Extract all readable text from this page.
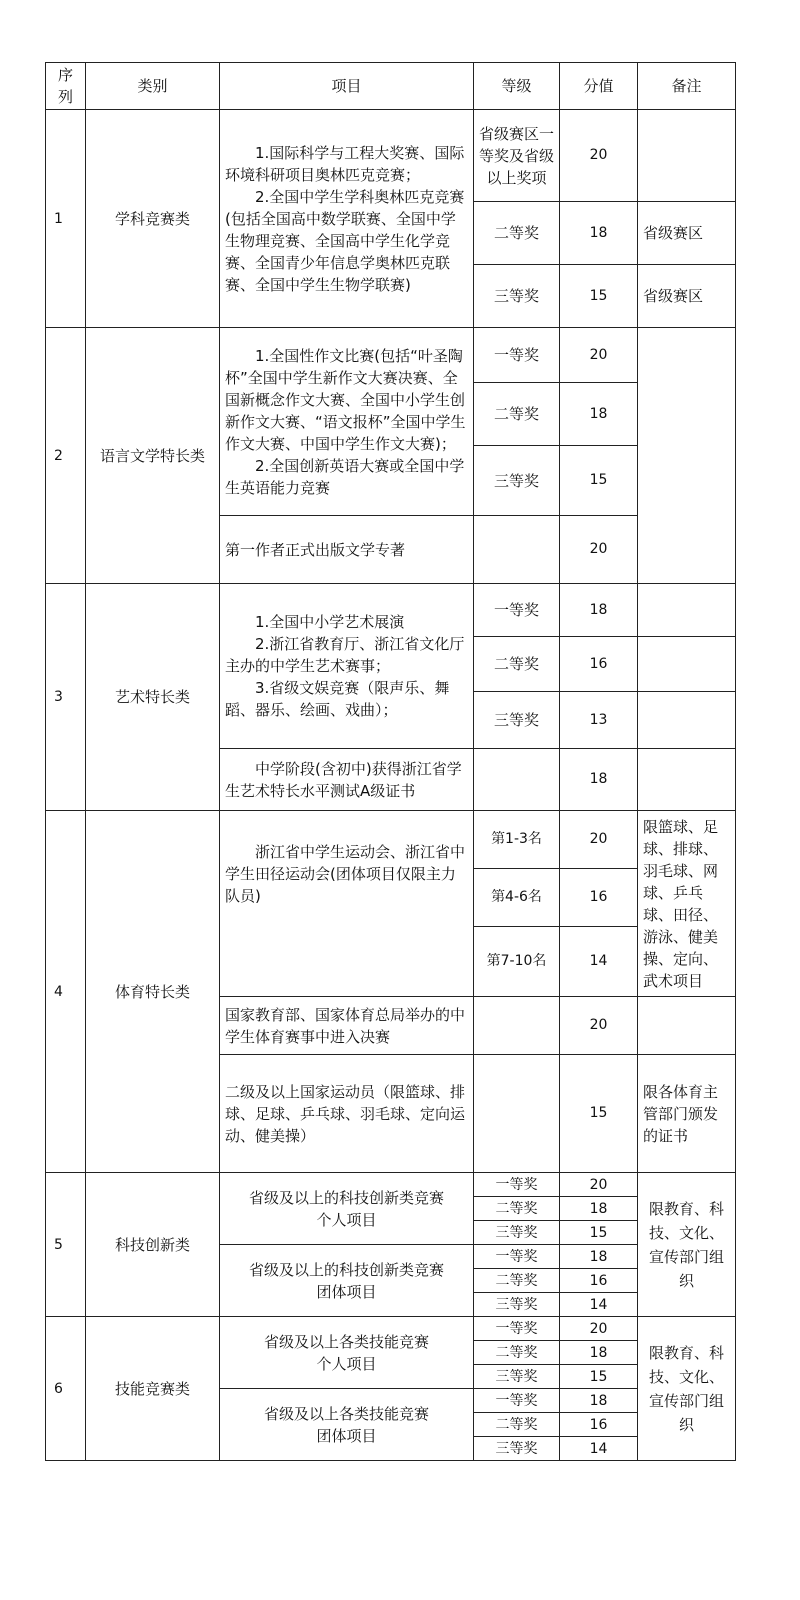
序列	类别	项目	等级	分值	备注
1	学科竞赛类	1.国际科学与工程大奖赛、国际环境科研项目奥林匹克竞赛；

2.全国中学生学科奥林匹克竞赛(包括全国高中数学联赛、全国中学生物理竞赛、全国高中学生化学竞赛、全国青少年信息学奥林匹克联赛、全国中学生生物学联赛)	省级赛区一等奖及省级以上奖项	20	
			二等奖	18	省级赛区
			三等奖	15	省级赛区
2	语言文学特长类	1.全国性作文比赛(包括“叶圣陶杯”全国中学生新作文大赛决赛、全国新概念作文大赛、全国中小学生创新作文大赛、“语文报杯”全国中学生作文大赛、中国中学生作文大赛)；

2.全国创新英语大赛或全国中学生英语能力竞赛	一等奖	20	
			二等奖	18	
			三等奖	15	
		第一作者正式出版文学专著		20	
3	艺术特长类	1.全国中小学艺术展演

2.浙江省教育厅、浙江省文化厅主办的中学生艺术赛事；

3.省级文娱竞赛（限声乐、舞蹈、器乐、绘画、戏曲）；	一等奖	18	
			二等奖	16	
			三等奖	13	
		中学阶段(含初中)获得浙江省学生艺术特长水平测试A级证书		18	
4	体育特长类	浙江省中学生运动会、浙江省中学生田径运动会(团体项目仅限主力队员)	第1-3名	20	限篮球、足球、排球、羽毛球、网球、乒乓球、田径、游泳、健美操、定向、武术项目
			第4-6名	16	
			第7-10名	14	
		国家教育部、国家体育总局举办的中学生体育赛事中进入决赛		20	
		二级及以上国家运动员（限篮球、排球、足球、乒乓球、羽毛球、定向运动、健美操）		15	限各体育主管部门颁发的证书
5	科技创新类	省级及以上的科技创新类竞赛

个人项目	一等奖	20	限教育、科技、文化、宣传部门组织
			二等奖	18	
			三等奖	15	

		省级及以上的科技创新类竞赛

团体项目	一等奖	18	
			二等奖	16	
			三等奖	14	
6	技能竞赛类	省级及以上各类技能竞赛

个人项目	一等奖	20	限教育、科技、文化、宣传部门组织
			二等奖	18	
			三等奖	15	

		省级及以上各类技能竞赛

团体项目	一等奖	18	
			二等奖	16	
			三等奖	14	
